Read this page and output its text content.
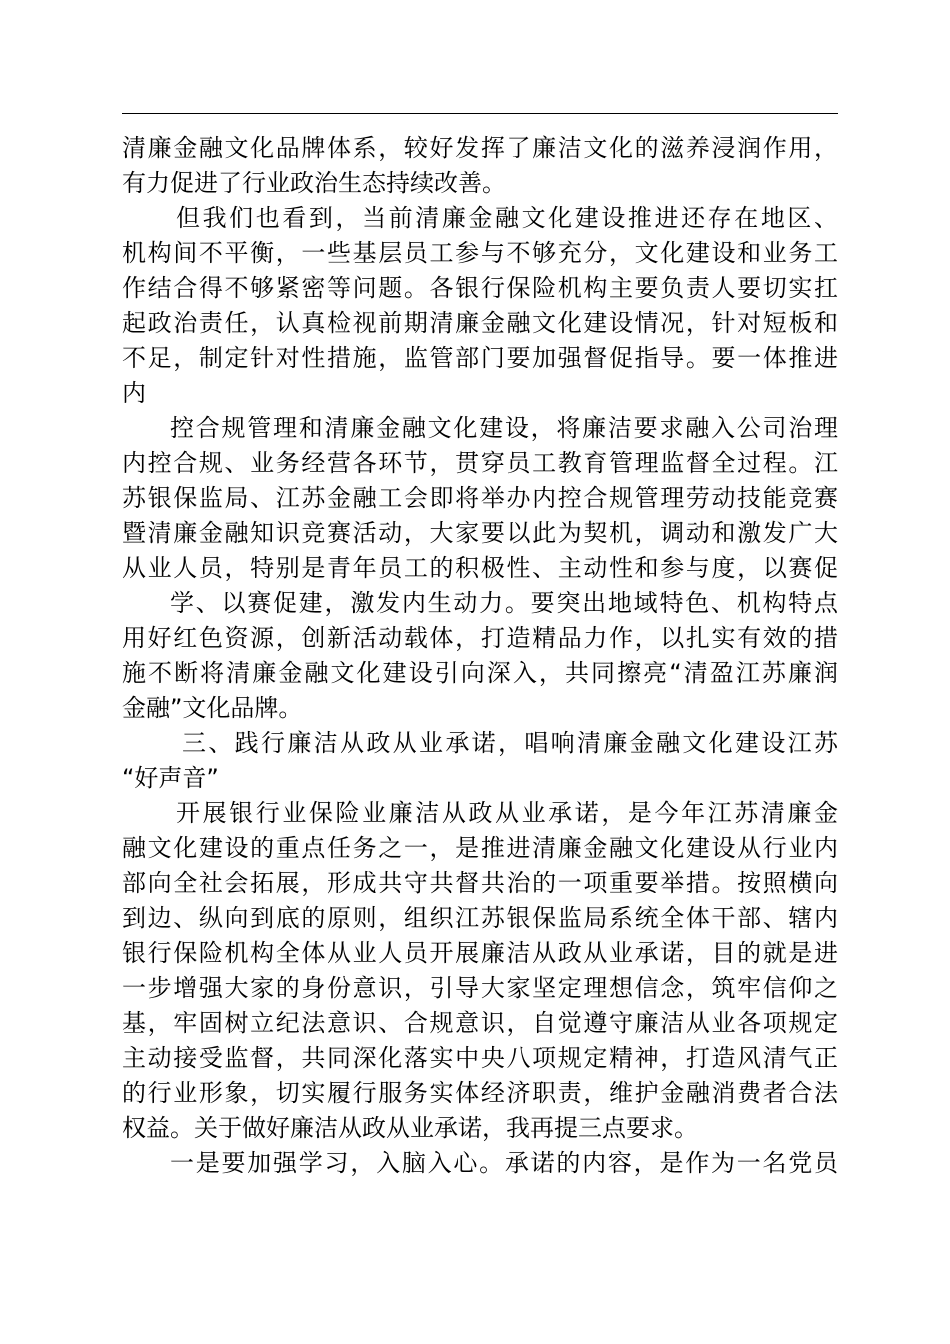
清廉金融文化品牌体系，较好发挥了廉洁文化的滋养浸润作用，
有力促进了行业政治生态持续改善。
但我们也看到，当前清廉金融文化建设推进还存在地区、
机构间不平衡，一些基层员工参与不够充分，文化建设和业务工
作结合得不够紧密等问题。各银行保险机构主要负责人要切实扛
起政治责任，认真检视前期清廉金融文化建设情况，针对短板和
不足，制定针对性措施，监管部门要加强督促指导。要一体推进
内
控合规管理和清廉金融文化建设，将廉洁要求融入公司治理
内控合规、业务经营各环节，贯穿员工教育管理监督全过程。江
苏银保监局、江苏金融工会即将举办内控合规管理劳动技能竞赛
暨清廉金融知识竞赛活动，大家要以此为契机，调动和激发广大
从业人员，特别是青年员工的积极性、主动性和参与度，以赛促
学、以赛促建，激发内生动力。要突出地域特色、机构特点
用好红色资源，创新活动载体，打造精品力作，以扎实有效的措
施不断将清廉金融文化建设引向深入，共同擦亮“清盈江苏廉润
金融”文化品牌。
三、践行廉洁从政从业承诺，唱响清廉金融文化建设江苏
“好声音”
开展银行业保险业廉洁从政从业承诺，是今年江苏清廉金
融文化建设的重点任务之一，是推进清廉金融文化建设从行业内
部向全社会拓展，形成共守共督共治的一项重要举措。按照横向
到边、纵向到底的原则，组织江苏银保监局系统全体干部、辖内
银行保险机构全体从业人员开展廉洁从政从业承诺，目的就是进
一步增强大家的身份意识，引导大家坚定理想信念，筑牢信仰之
基，牢固树立纪法意识、合规意识，自觉遵守廉洁从业各项规定
主动接受监督，共同深化落实中央八项规定精神，打造风清气正
的行业形象，切实履行服务实体经济职责，维护金融消费者合法
权益。关于做好廉洁从政从业承诺，我再提三点要求。
一是要加强学习，入脑入心。承诺的内容，是作为一名党员
